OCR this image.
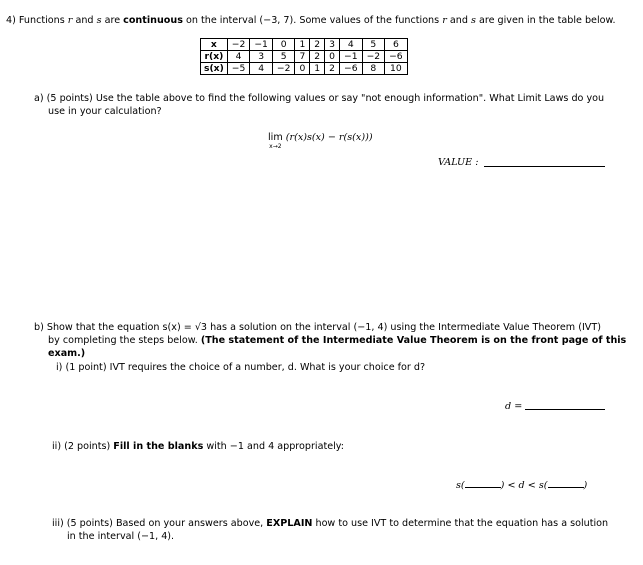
4) Functions r and s are continuous on the interval (−3, 7). Some values of the functions r and s are given in the table below.
x	−2	−1	0	1	2	3	4	5	6
r(x)	4	3	5	7	2	0	−1	−2	−6
s(x)	−5	4	−2	0	1	2	−6	8	10
a) (5 points) Use the table above to find the following values or say "not enough information". What Limit Laws do you
use in your calculation?
lim
x→2
(r(x)s(x) − r(s(x)))
VALUE :
b) Show that the equation s(x) = √3 has a solution on the interval (−1, 4) using the Intermediate Value Theorem (IVT)
by completing the steps below. (The statement of the Intermediate Value Theorem is on the front page of this
exam.)
i) (1 point) IVT requires the choice of a number, d. What is your choice for d?
d =
ii) (2 points) Fill in the blanks with −1 and 4 appropriately:
s(	) < d < s(	)
iii) (5 points) Based on your answers above, EXPLAIN how to use IVT to determine that the equation has a solution
in the interval (−1, 4).
